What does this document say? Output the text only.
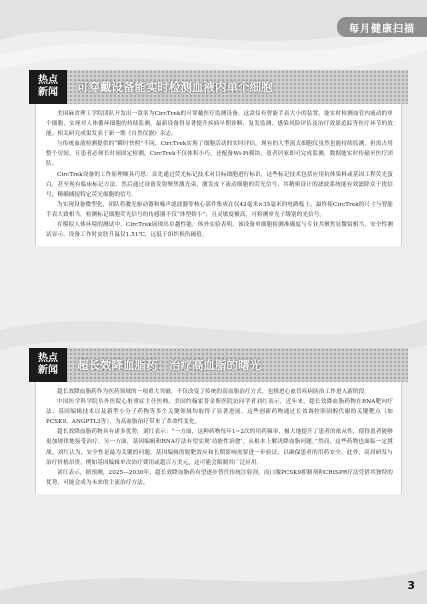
每月健康扫描
热点
新闻 可穿戴设备能实时检测血液内单个细胞

美国麻省理工学院团队开发出一款名为CircTrek的可穿戴医疗监测设备。这款仪有智能手表大小的装置，能实时检测血管内流动的单个细胞，实现对人体循环细胞的持续监测。最新设备得显著提升疾病早期诊断、复发监测、感染风险评估及治疗效果追踪等医疗环节的效能。相关研究成果发表于新一期《自然仪器》杂志。

与传统血液检测提供的“瞬时快照”不同，CircTrek实现了细胞活动的实时评估。现有的大型流式细胞仪虽然也能持续监测，但需占用整个房间，且患者必须长时间固定检测，CircTrek不仅体积小巧，还配备Wi-Fi模块，患者居家即可完成监测，数据能实时传输至医疗团队。

CircTrek设备的工作原理颇具巧思：首先通过荧光标记技术对目标细胞进行标识，这些标记技术包括应用抗体染料或基因工程荧光蛋白，甚至现有临床标记方法。然后通过设备发射聚焦激光束，激发皮下流动细胞的荧光信号，其精密设计的滤波系统能有效滤除众干扰信号，精确捕捉特定荧光细胞的信号。

为实现设备微型化，团队将激光驱动器和噪声滤波器等核心部件集成在仅42毫米×35毫米的电路板上，最终使CircTrek的尺寸与智能手表大致相当。检测标记细胞荧光信号的传感器不仅“体型娇小”，且灵敏度极高，可检测单光子级别的光信号。

在模拟人体环境的测试中，CircTrek展现出卓越性能，体外实验表明，该设备单细胞检测准确度与专业共聚焦显微镜相当，安全性测试显示，设备工作时皮肤升温仅1.51℃，远低于组织损伤阈值。

热点
新闻 超长效降血脂药：治疗高血脂的曙光

超长效降血脂药作为医药领域的一项重大突破，不仅改变了传统的高血脂治疗方式，也推进心血管疾病防治工作进入新阶段。

中国医学科学院阜外医院心脏重症主任医师、美国约翰霍普金斯医院访问学者刘红表示，近年来，超长效降血脂药物在RNA靶向疗法、基因编辑技术以及新型小分子药物等多个关键领域均取得了显著进展。这些创新药物通过长效调控胆固醇代谢的关键靶点（如PCSK9、ANGPTL3等），为高血脂治疗带来了革命性变化。

超长效降血脂药物具有诸多优势。刘红表示：“一方面，这种药物每年1~2次的用药频率，极大地提升了患者的依从性，使得患者能够更加规律地接受治疗。另一方面，基因编辑和RNA疗法有望实现‘功能性治愈’，从根本上解决降血脂问题。”然而，这些药物也面临一定挑战。刘红认为，安全性是最为关键的问题，基因编辑的脱靶效应和长期影响需要进一步验证，以确保患者的用药安全。此外，高昂研发与治疗价格昂贵，例如基因编辑单次治疗费用或超百万美元，这可能会限制其广泛应用。

刘红表示，据预测，2025—2030年，超长效降血脂药有望逐步替代传统注射剂，而口服PCSK9抑制剂和CRISPR疗法凭借其独特的优势，可能会成为未来的主流治疗方法。

3
